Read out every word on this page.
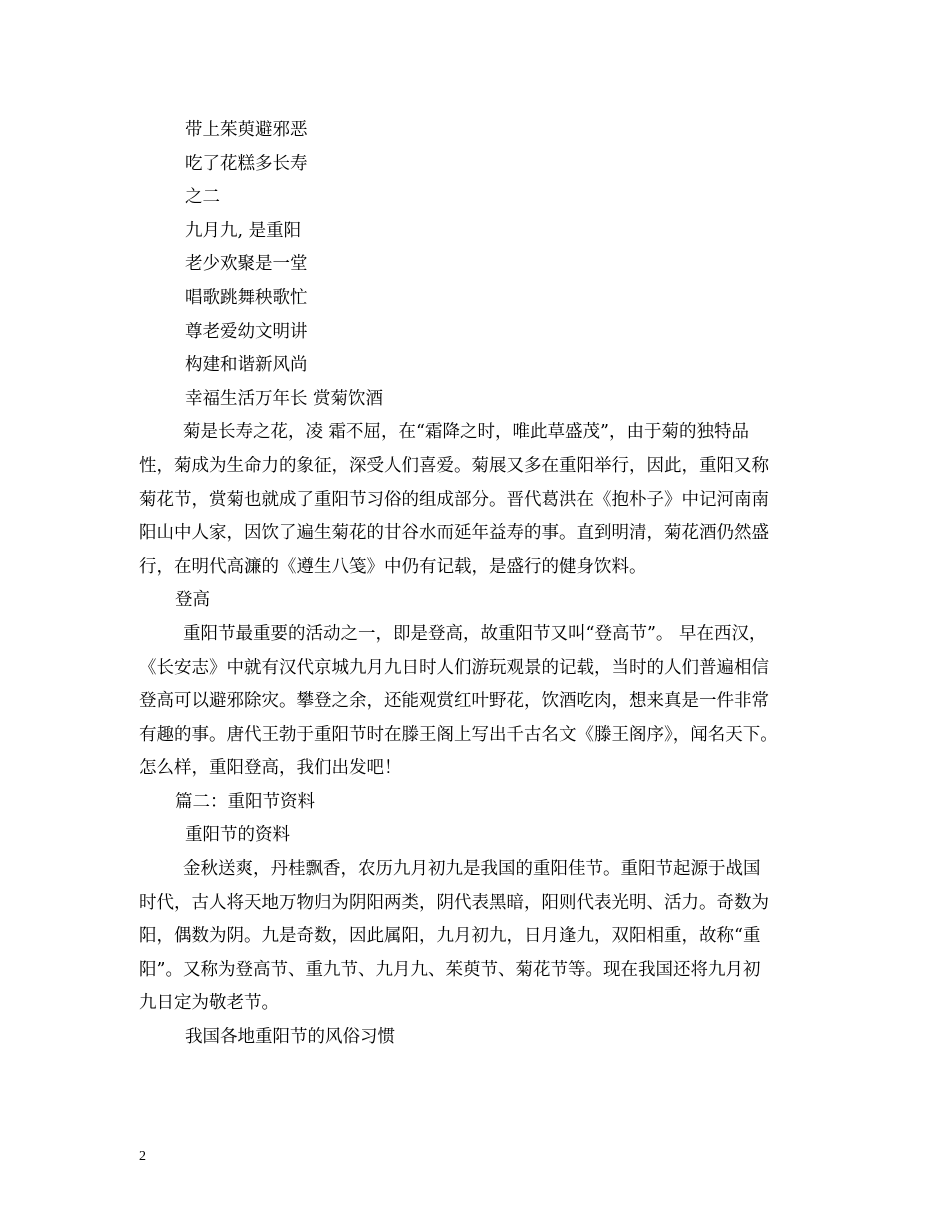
带上茱萸避邪恶
吃了花糕多长寿
之二
九月九, 是重阳
老少欢聚是一堂
唱歌跳舞秧歌忙
尊老爱幼文明讲
构建和谐新风尚
幸福生活万年长 赏菊饮酒
菊是长寿之花，凌 霜不屈，在“霜降之时，唯此草盛茂”，由于菊的独特品
性，菊成为生命力的象征，深受人们喜爱。菊展又多在重阳举行，因此，重阳又称
菊花节，赏菊也就成了重阳节习俗的组成部分。晋代葛洪在《抱朴子》中记河南南
阳山中人家，因饮了遍生菊花的甘谷水而延年益寿的事。直到明清，菊花酒仍然盛
行，在明代高濂的《遵生八笺》中仍有记载，是盛行的健身饮料。
登高
重阳节最重要的活动之一，即是登高，故重阳节又叫“登高节”。 早在西汉，
《长安志》中就有汉代京城九月九日时人们游玩观景的记载，当时的人们普遍相信
登高可以避邪除灾。攀登之余，还能观赏红叶野花，饮酒吃肉，想来真是一件非常
有趣的事。唐代王勃于重阳节时在滕王阁上写出千古名文《滕王阁序》，闻名天下。
怎么样，重阳登高，我们出发吧！
篇二：重阳节资料
重阳节的资料
金秋送爽，丹桂飘香，农历九月初九是我国的重阳佳节。重阳节起源于战国
时代，古人将天地万物归为阴阳两类，阴代表黑暗，阳则代表光明、活力。奇数为
阳，偶数为阴。九是奇数，因此属阳，九月初九，日月逢九，双阳相重，故称“重
阳”。又称为登高节、重九节、九月九、茱萸节、菊花节等。现在我国还将九月初
九日定为敬老节。
我国各地重阳节的风俗习惯
2
